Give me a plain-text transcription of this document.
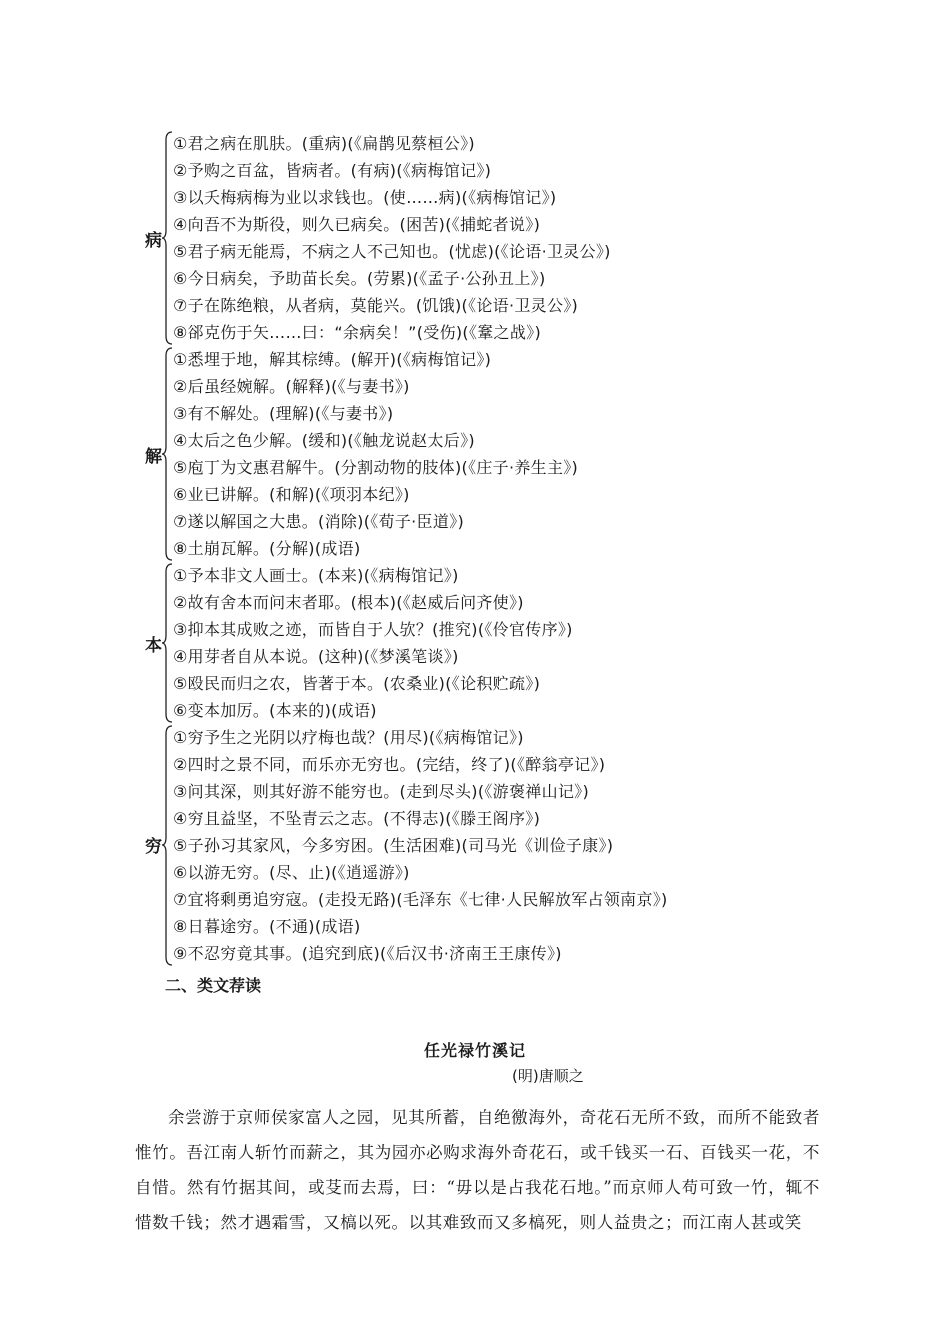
病
①君之病在肌肤。(重病)(《扁鹊见蔡桓公》)
②予购之百盆，皆病者。(有病)(《病梅馆记》)
③以夭梅病梅为业以求钱也。(使……病)(《病梅馆记》)
④向吾不为斯役，则久已病矣。(困苦)(《捕蛇者说》)
⑤君子病无能焉，不病之人不己知也。(忧虑)(《论语·卫灵公》)
⑥今日病矣，予助苗长矣。(劳累)(《孟子·公孙丑上》)
⑦子在陈绝粮，从者病，莫能兴。(饥饿)(《论语·卫灵公》)
⑧郤克伤于矢……曰：“余病矣！”(受伤)(《鞌之战》)
解
①悉埋于地，解其棕缚。(解开)(《病梅馆记》)
②后虽经婉解。(解释)(《与妻书》)
③有不解处。(理解)(《与妻书》)
④太后之色少解。(缓和)(《触龙说赵太后》)
⑤庖丁为文惠君解牛。(分割动物的肢体)(《庄子·养生主》)
⑥业已讲解。(和解)(《项羽本纪》)
⑦遂以解国之大患。(消除)(《荀子·臣道》)
⑧土崩瓦解。(分解)(成语)
本
①予本非文人画士。(本来)(《病梅馆记》)
②故有舍本而问末者耶。(根本)(《赵威后问齐使》)
③抑本其成败之迹，而皆自于人欤？(推究)(《伶官传序》)
④用芽者自从本说。(这种)(《梦溪笔谈》)
⑤殴民而归之农，皆著于本。(农桑业)(《论积贮疏》)
⑥变本加厉。(本来的)(成语)
穷
①穷予生之光阴以疗梅也哉？(用尽)(《病梅馆记》)
②四时之景不同，而乐亦无穷也。(完结，终了)(《醉翁亭记》)
③问其深，则其好游不能穷也。(走到尽头)(《游褒禅山记》)
④穷且益坚，不坠青云之志。(不得志)(《滕王阁序》)
⑤子孙习其家风，今多穷困。(生活困难)(司马光《训俭子康》)
⑥以游无穷。(尽、止)(《逍遥游》)
⑦宜将剩勇追穷寇。(走投无路)(毛泽东《七律·人民解放军占领南京》)
⑧日暮途穷。(不通)(成语)
⑨不忍穷竟其事。(追究到底)(《后汉书·济南王王康传》)
二、类文荐读
任光禄竹溪记
(明)唐顺之
余尝游于京师侯家富人之园，见其所蓄，自绝徼海外，奇花石无所不致，而所不能致者惟竹。吾江南人斩竹而薪之，其为园亦必购求海外奇花石，或千钱买一石、百钱买一花，不自惜。然有竹据其间，或芟而去焉，曰：“毋以是占我花石地。”而京师人苟可致一竹，辄不惜数千钱；然才遇霜雪，又槁以死。以其难致而又多槁死，则人益贵之；而江南人甚或笑
